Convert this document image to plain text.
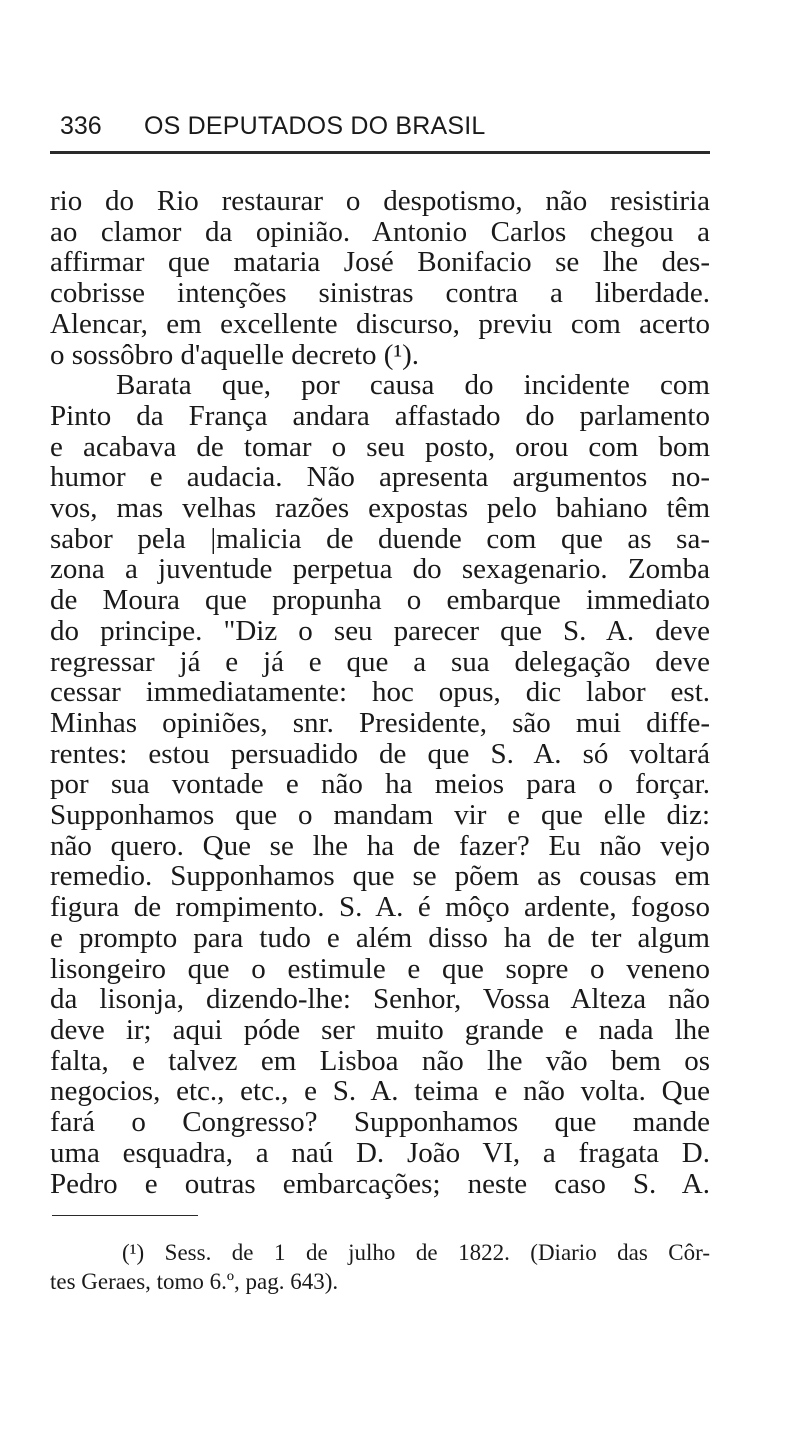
336	OS DEPUTADOS DO BRASIL
rio do Rio restaurar o despotismo, não resistiria
ao clamor da opinião. Antonio Carlos chegou a
affirmar que mataria José Bonifacio se lhe des-
cobrisse intenções sinistras contra a liberdade.
Alencar, em excellente discurso, previu com acerto
o sossôbro d'aquelle decreto (¹).
Barata que, por causa do incidente com
Pinto da França andara affastado do parlamento
e acabava de tomar o seu posto, orou com bom
humor e audacia. Não apresenta argumentos no-
vos, mas velhas razões expostas pelo bahiano têm
sabor pela |malicia de duende com que as sa-
zona a juventude perpetua do sexagenario. Zomba
de Moura que propunha o embarque immediato
do principe. "Diz o seu parecer que S. A. deve
regressar já e já e que a sua delegação deve
cessar immediatamente: hoc opus, dic labor est.
Minhas opiniões, snr. Presidente, são mui diffe-
rentes: estou persuadido de que S. A. só voltará
por sua vontade e não ha meios para o forçar.
Supponhamos que o mandam vir e que elle diz:
não quero. Que se lhe ha de fazer? Eu não vejo
remedio. Supponhamos que se põem as cousas em
figura de rompimento. S. A. é môço ardente, fogoso
e prompto para tudo e além disso ha de ter algum
lisongeiro que o estimule e que sopre o veneno
da lisonja, dizendo-lhe: Senhor, Vossa Alteza não
deve ir; aqui póde ser muito grande e nada lhe
falta, e talvez em Lisboa não lhe vão bem os
negocios, etc., etc., e S. A. teima e não volta. Que
fará o Congresso? Supponhamos que mande
uma esquadra, a naú D. João VI, a fragata D.
Pedro e outras embarcações; neste caso S. A.
(¹) Sess. de 1 de julho de 1822. (Diario das Côr-
tes Geraes, tomo 6.º, pag. 643).
